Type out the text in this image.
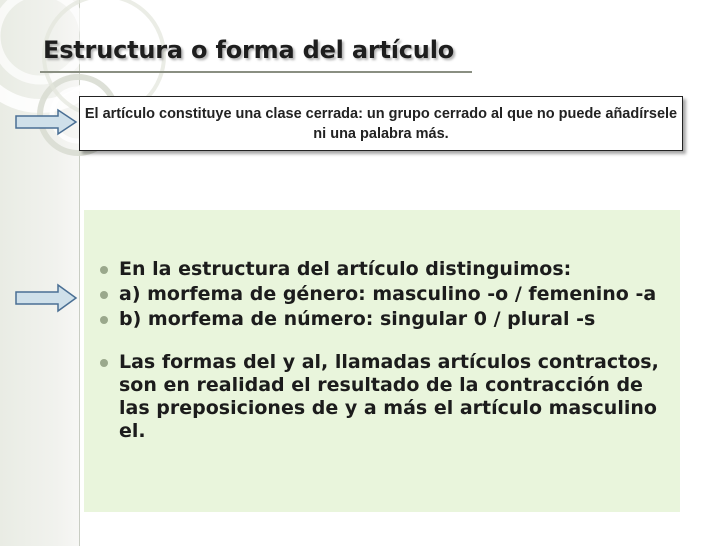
Estructura o forma del artículo
El artículo constituye una clase cerrada: un grupo cerrado al que no puede añadírsele ni una palabra más.
En la estructura del artículo distinguimos:
a) morfema de género: masculino -o / femenino -a
b) morfema de número: singular 0 / plural -s
Las formas del y al, llamadas artículos contractos, son en realidad el resultado de la contracción de las preposiciones de y a más el artículo masculino el.
